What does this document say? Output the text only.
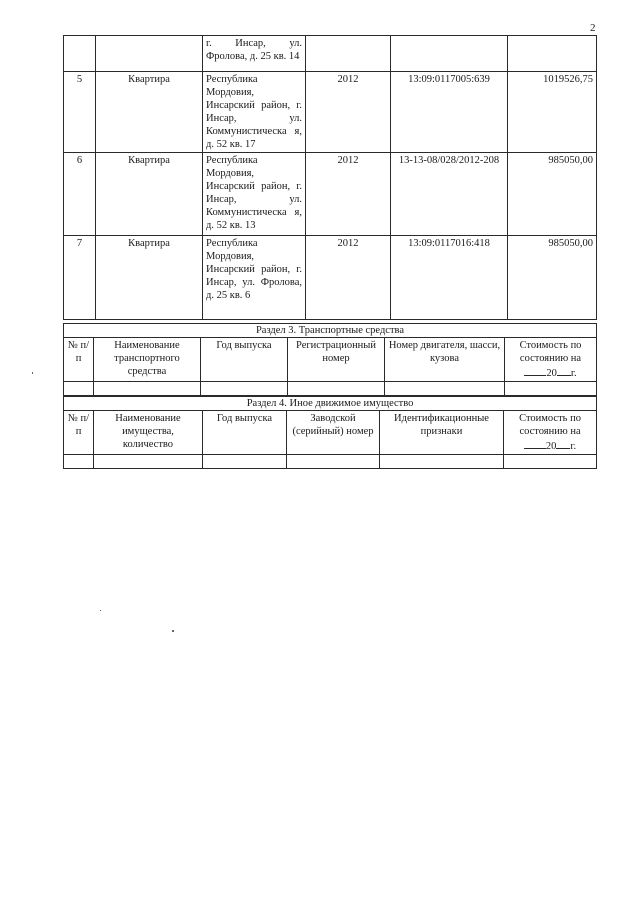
2
		г. Инсар, ул. Фролова, д. 25 кв. 14			
5	Квартира	Республика Мордовия, Инсарский район, г. Инсар, ул. Коммунистическа я, д. 52 кв. 17	2012	13:09:0117005:639	1019526,75
6	Квартира	Республика Мордовия, Инсарский район, г. Инсар, ул. Коммунистическа я, д. 52 кв. 13	2012	13-13-08/028/2012-208	985050,00
7	Квартира	Республика Мордовия, Инсарский район, г. Инсар, ул. Фролова, д. 25 кв. 6	2012	13:09:0117016:418	985050,00
Раздел 3. Транспортные средства					
№ п/п	Наименование транспортного средства	Год выпуска	Регистрационный номер	Номер двигателя, шасси, кузова	Стоимость по состоянию на
20 г.

Раздел 4. Иное движимое имущество					
№ п/п	Наименование имущества, количество	Год выпуска	Заводской (серийный) номер	Идентификационные признаки	Стоимость по состоянию на
20 г.
